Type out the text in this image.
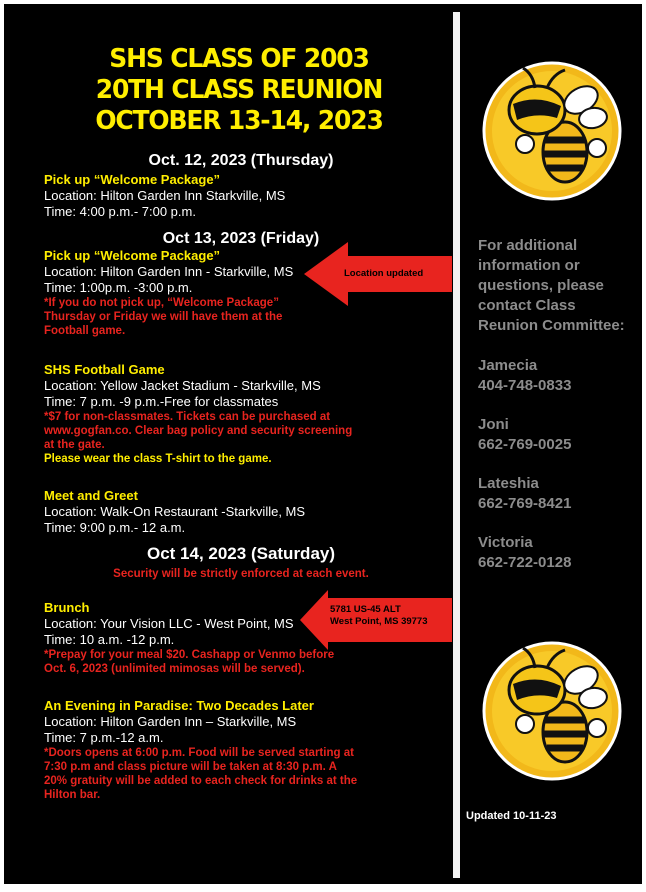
SHS CLASS OF 2003
20TH CLASS REUNION
OCTOBER 13-14, 2023
Oct. 12, 2023 (Thursday)
Pick up “Welcome Package”
Location: Hilton Garden Inn Starkville, MS
Time: 4:00 p.m.- 7:00 p.m.
Oct 13, 2023 (Friday)
Pick up “Welcome Package”
Location: Hilton Garden Inn - Starkville, MS
Time: 1:00p.m. -3:00 p.m.
*If you do not pick up, “Welcome Package” Thursday or Friday we will have them at the Football game.
SHS Football Game
Location: Yellow Jacket Stadium - Starkville, MS
Time: 7 p.m. -9 p.m.-Free for classmates
*$7 for non-classmates. Tickets can be purchased at www.gogfan.co. Clear bag policy and security screening at the gate.
Please wear the class T-shirt to the game.
Meet and Greet
Location: Walk-On Restaurant -Starkville, MS
Time: 9:00 p.m.- 12 a.m.
Oct 14, 2023 (Saturday)
Security will be strictly enforced at each event.
Brunch
Location: Your Vision LLC - West Point, MS
Time: 10 a.m. -12 p.m.
*Prepay for your meal $20. Cashapp or Venmo before Oct. 6, 2023 (unlimited mimosas will be served).
An Evening in Paradise: Two Decades Later
Location: Hilton Garden Inn – Starkville, MS
Time: 7 p.m.-12 a.m.
*Doors opens at 6:00 p.m. Food will be served starting at 7:30 p.m and class picture will be taken at 8:30 p.m. A 20% gratuity will be added to each check for drinks at the Hilton bar.
Location updated
5781 US-45 ALT
West Point, MS 39773
For additional information or questions, please contact Class Reunion Committee:
Jamecia
404-748-0833
Joni
662-769-0025
Lateshia
662-769-8421
Victoria
662-722-0128
Updated 10-11-23
